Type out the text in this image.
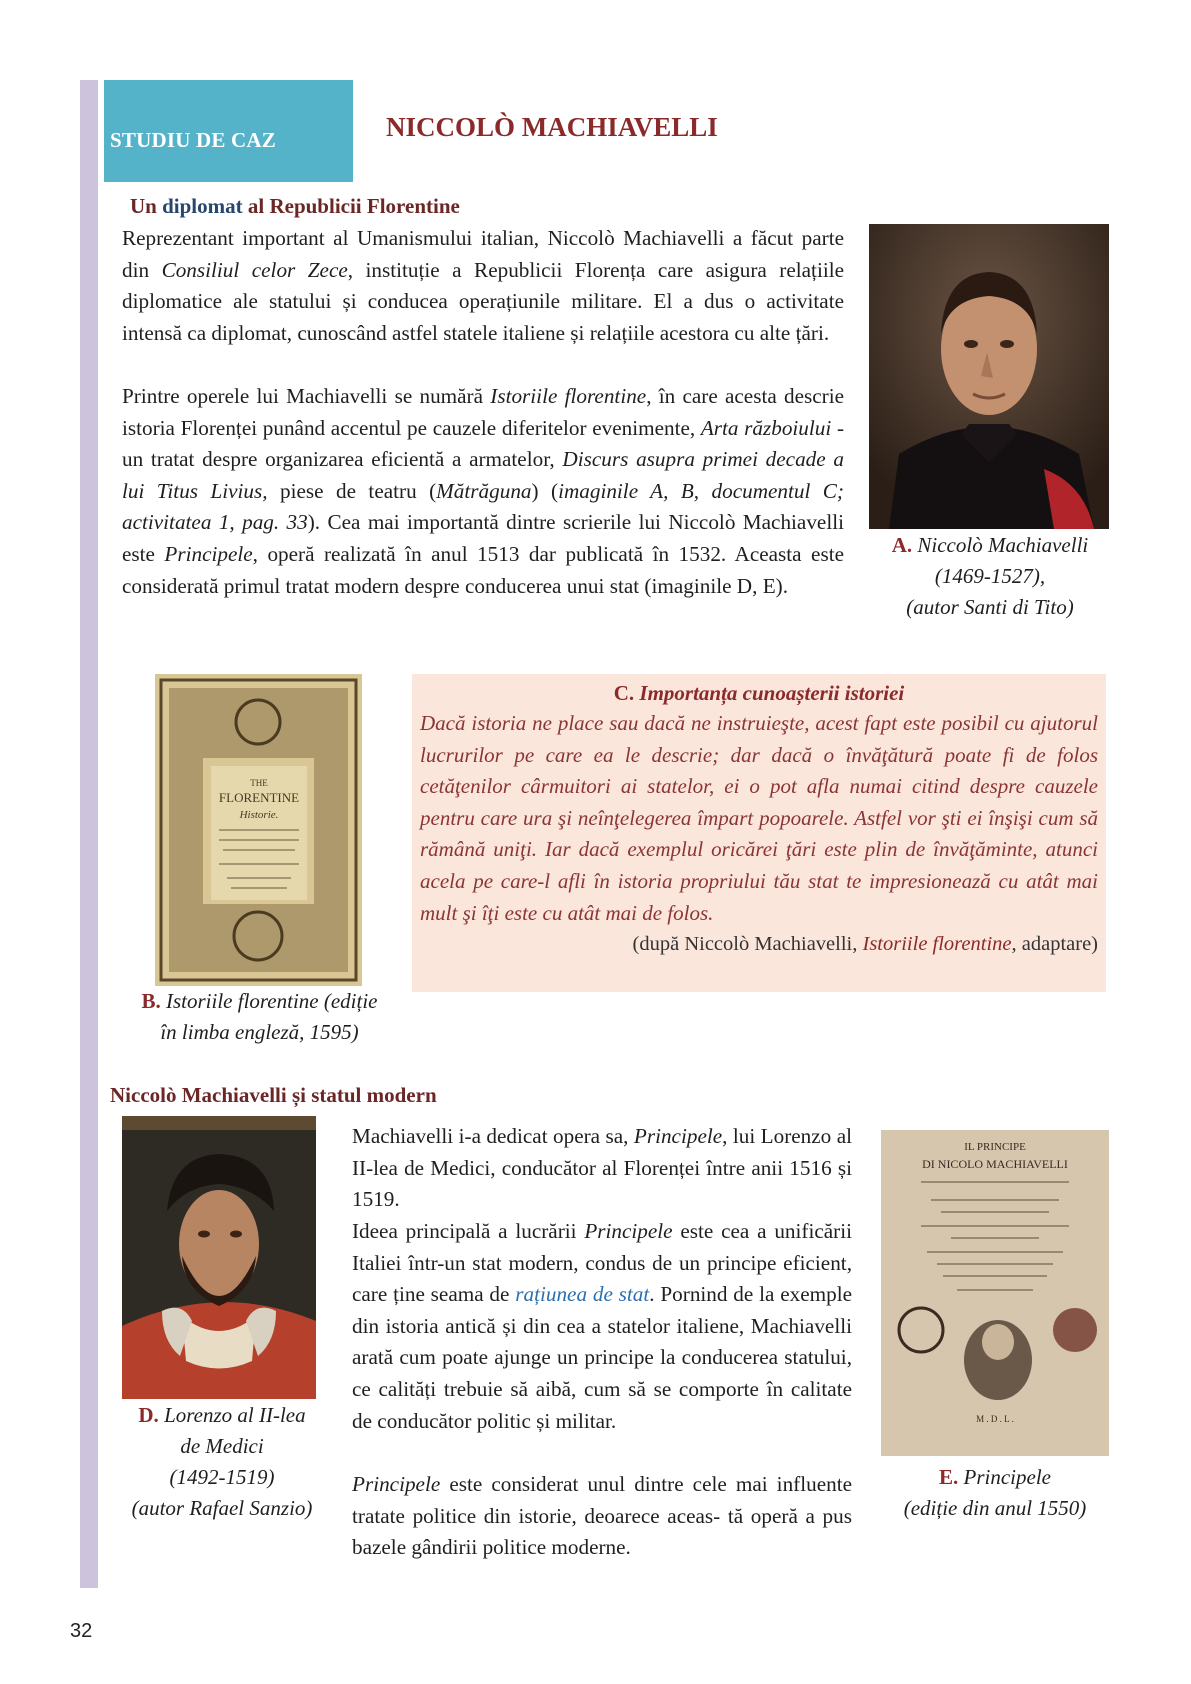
STUDIU DE CAZ	NICCOLÒ MACHIAVELLI
Un diplomat al Republicii Florentine
Reprezentant important al Umanismului italian, Niccolò Machiavelli a făcut parte din Consiliul celor Zece, instituție a Republicii Florența care asigura relațiile diplomatice ale statului și conducea operațiunile militare. El a dus o activitate intensă ca diplomat, cunoscând astfel statele italiene și relațiile acestora cu alte țări.
Printre operele lui Machiavelli se numără Istoriile florentine, în care acesta descrie istoria Florenței punând accentul pe cauzele diferitelor evenimente, Arta războiului - un tratat despre organizarea eficientă a armatelor, Discurs asupra primei decade a lui Titus Livius, piese de teatru (Mătrăguna) (imaginile A, B, documentul C; activitatea 1, pag. 33). Cea mai importantă dintre scrierile lui Niccolò Machiavelli este Principele, operă realizată în anul 1513 dar publicată în 1532. Aceasta este considerată primul tratat modern despre conducerea unui stat (imaginile D, E).
A. Niccolò Machiavelli
(1469-1527),
(autor Santi di Tito)
THE
FLORENTINE
Historie.
B. Istoriile florentine (ediție
în limba engleză, 1595)
C. Importanța cunoașterii istoriei
Dacă istoria ne place sau dacă ne instruieşte, acest fapt este posibil cu ajutorul lucrurilor pe care ea le descrie; dar dacă o învăţătură poate fi de folos cetăţenilor cârmuitori ai statelor, ei o pot afla numai citind despre cauzele pentru care ura şi neînţelegerea împart popoarele. Astfel vor şti ei înşişi cum să rămână uniţi. Iar dacă exemplul oricărei ţări este plin de învăţăminte, atunci acela pe care-l afli în istoria propriului tău stat te impresionează cu atât mai mult şi îţi este cu atât mai de folos.
(după Niccolò Machiavelli, Istoriile florentine, adaptare)
Niccolò Machiavelli și statul modern
D. Lorenzo al II-lea
de Medici
(1492-1519)
(autor Rafael Sanzio)
Machiavelli i-a dedicat opera sa, Principele, lui Lorenzo al II-lea de Medici, conducător al Florenței între anii 1516 și 1519.
Ideea principală a lucrării Principele este cea a unificării Italiei într-un stat modern, condus de un principe eficient, care ține seama de rațiunea de stat. Pornind de la exemple din istoria antică și din cea a statelor italiene, Machiavelli arată cum poate ajunge un principe la conducerea statului, ce calități trebuie să aibă, cum să se comporte în calitate de conducător politic și militar.
Principele este considerat unul dintre cele mai influente tratate politice din istorie, deoarece aceas- tă operă a pus bazele gândirii politice moderne.
M . D . L .
IL PRINCIPE
DI NICOLO MACHIAVELLI
E. Principele
(ediție din anul 1550)
32
